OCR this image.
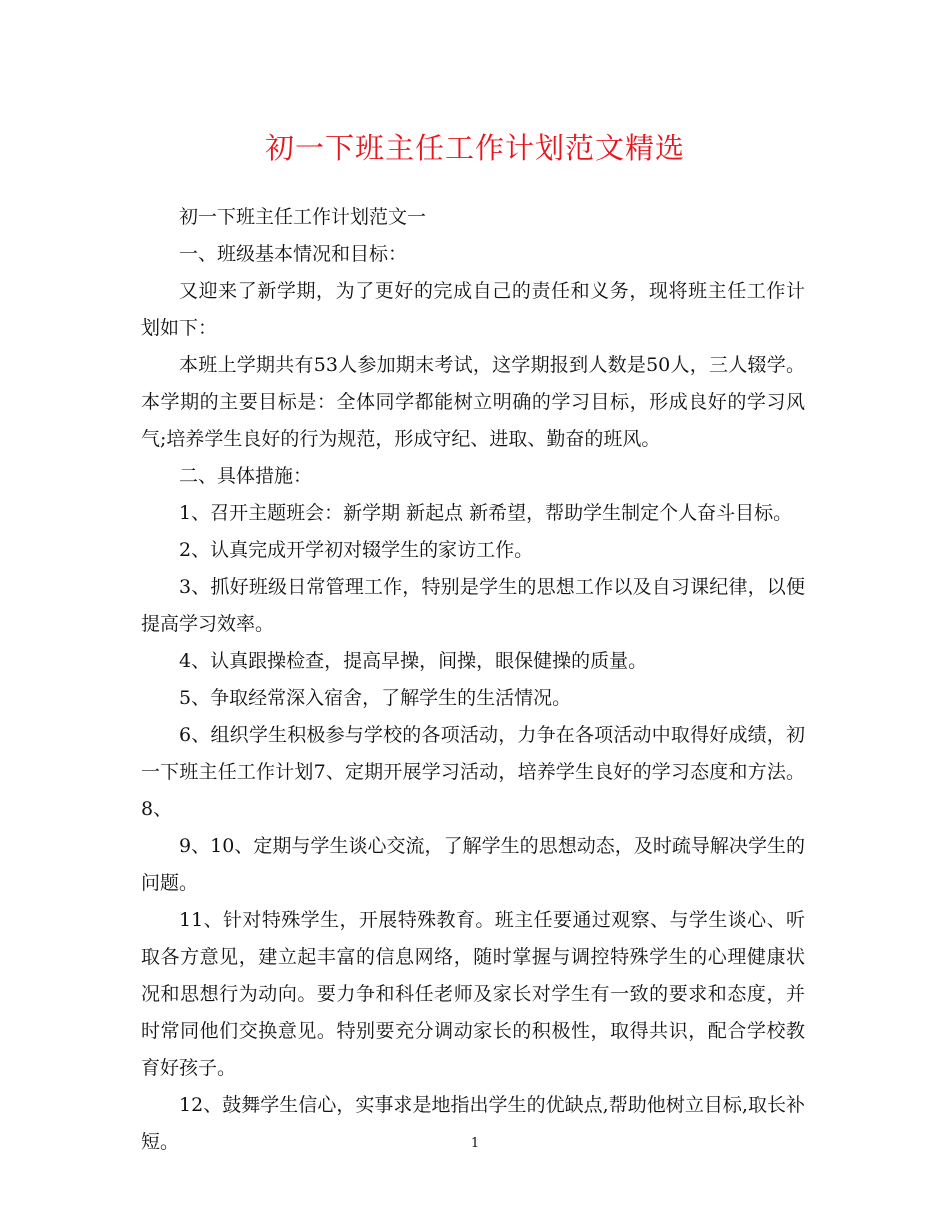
初一下班主任工作计划范文精选

初一下班主任工作计划范文一

一、班级基本情况和目标：

又迎来了新学期，为了更好的完成自己的责任和义务，现将班主任工作计划如下：

本班上学期共有53人参加期末考试，这学期报到人数是50人，三人辍学。本学期的主要目标是：全体同学都能树立明确的学习目标，形成良好的学习风气;培养学生良好的行为规范，形成守纪、进取、勤奋的班风。

二、具体措施：

1、召开主题班会：新学期 新起点 新希望，帮助学生制定个人奋斗目标。

2、认真完成开学初对辍学生的家访工作。

3、抓好班级日常管理工作，特别是学生的思想工作以及自习课纪律，以便提高学习效率。

4、认真跟操检查，提高早操，间操，眼保健操的质量。

5、争取经常深入宿舍，了解学生的生活情况。

6、组织学生积极参与学校的各项活动，力争在各项活动中取得好成绩，初一下班主任工作计划7、定期开展学习活动，培养学生良好的学习态度和方法。 8、

9、10、定期与学生谈心交流，了解学生的思想动态，及时疏导解决学生的问题。

11、针对特殊学生，开展特殊教育。班主任要通过观察、与学生谈心、听取各方意见，建立起丰富的信息网络，随时掌握与调控特殊学生的心理健康状况和思想行为动向。要力争和科任老师及家长对学生有一致的要求和态度，并时常同他们交换意见。特别要充分调动家长的积极性，取得共识，配合学校教育好孩子。

12、鼓舞学生信心，实事求是地指出学生的优缺点,帮助他树立目标,取长补短。	1
